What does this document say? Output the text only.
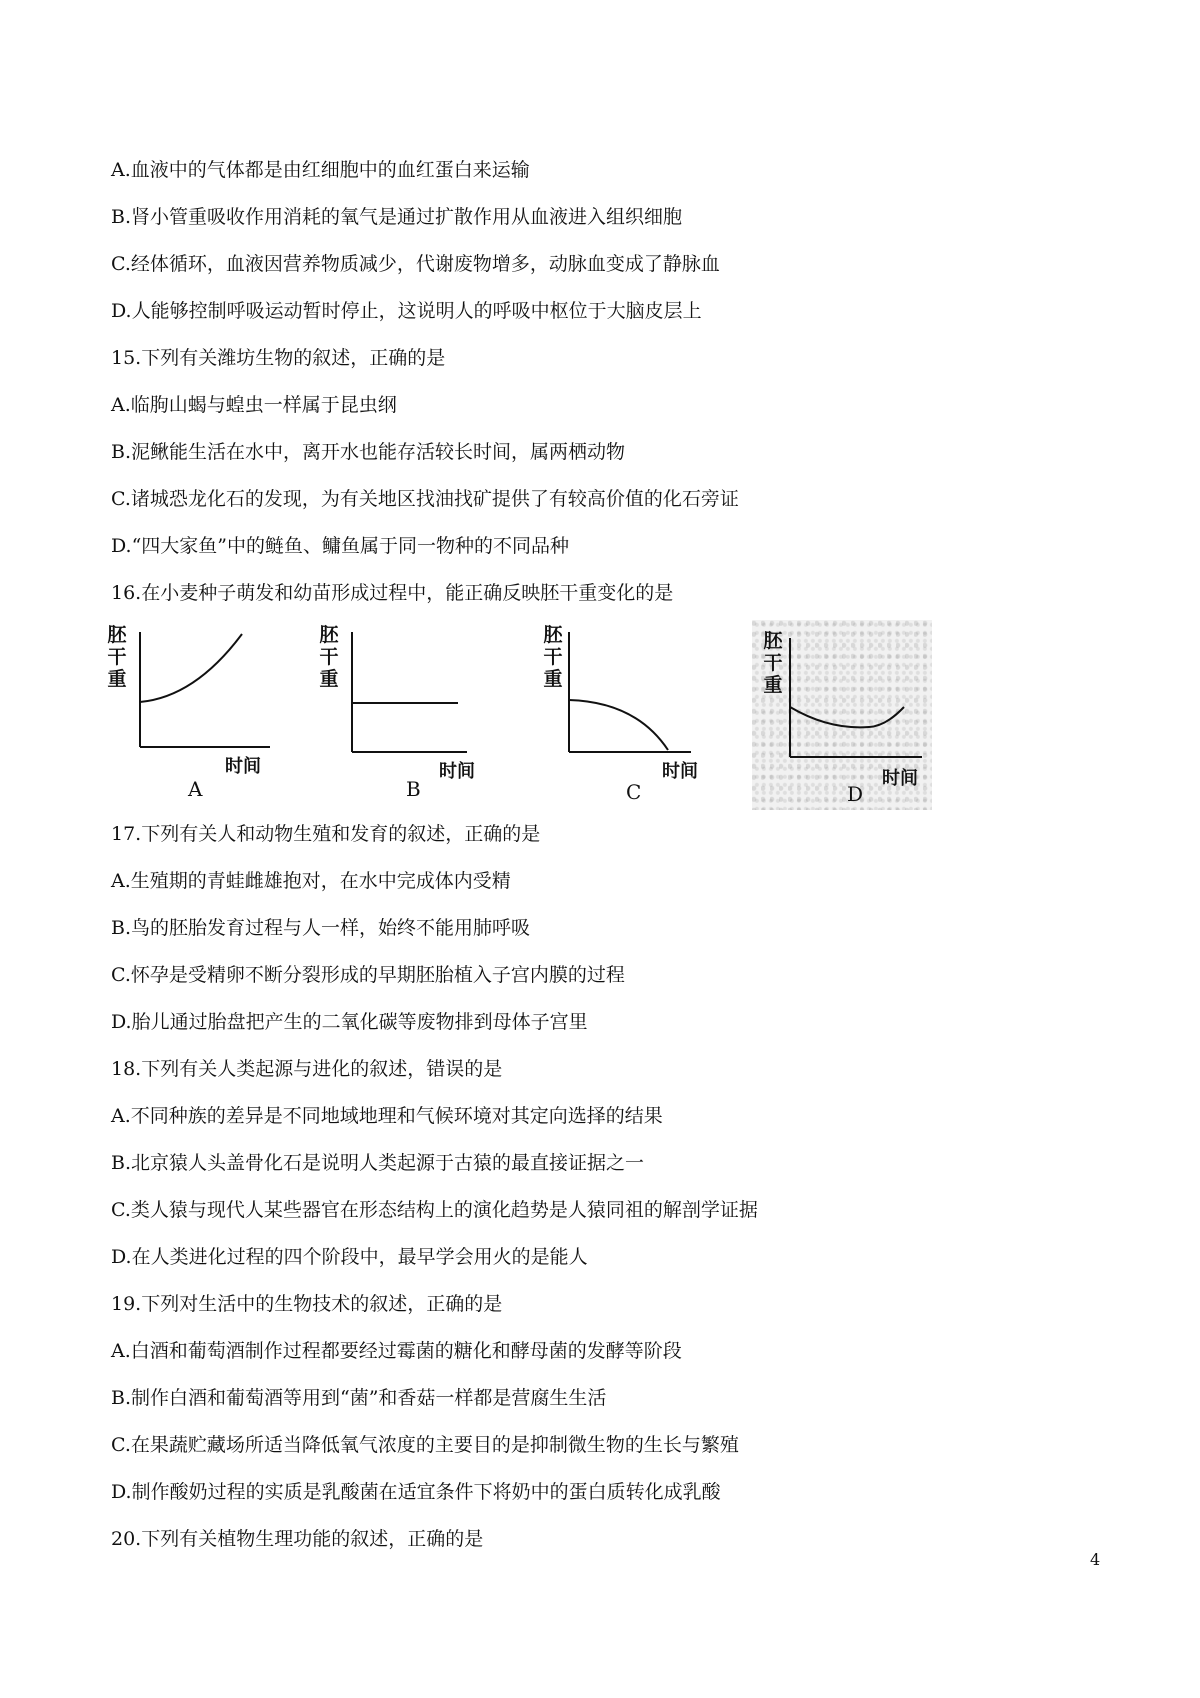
A.血液中的气体都是由红细胞中的血红蛋白来运输
B.肾小管重吸收作用消耗的氧气是通过扩散作用从血液进入组织细胞
C.经体循环，血液因营养物质减少，代谢废物增多，动脉血变成了静脉血
D.人能够控制呼吸运动暂时停止，这说明人的呼吸中枢位于大脑皮层上
15.下列有关潍坊生物的叙述，正确的是
A.临朐山蝎与蝗虫一样属于昆虫纲
B.泥鳅能生活在水中，离开水也能存活较长时间，属两栖动物
C.诸城恐龙化石的发现，为有关地区找油找矿提供了有较高价值的化石旁证
D.“四大家鱼”中的鲢鱼、鳙鱼属于同一物种的不同品种
16.在小麦种子萌发和幼苗形成过程中，能正确反映胚干重变化的是
胚干重
时间
A
胚干重
时间
B
胚干重
时间
C
胚干重
时间
D
17.下列有关人和动物生殖和发育的叙述，正确的是
A.生殖期的青蛙雌雄抱对，在水中完成体内受精
B.鸟的胚胎发育过程与人一样，始终不能用肺呼吸
C.怀孕是受精卵不断分裂形成的早期胚胎植入子宫内膜的过程
D.胎儿通过胎盘把产生的二氧化碳等废物排到母体子宫里
18.下列有关人类起源与进化的叙述，错误的是
A.不同种族的差异是不同地域地理和气候环境对其定向选择的结果
B.北京猿人头盖骨化石是说明人类起源于古猿的最直接证据之一
C.类人猿与现代人某些器官在形态结构上的演化趋势是人猿同祖的解剖学证据
D.在人类进化过程的四个阶段中，最早学会用火的是能人
19.下列对生活中的生物技术的叙述，正确的是
A.白酒和葡萄酒制作过程都要经过霉菌的糖化和酵母菌的发酵等阶段
B.制作白酒和葡萄酒等用到“菌”和香菇一样都是营腐生生活
C.在果蔬贮藏场所适当降低氧气浓度的主要目的是抑制微生物的生长与繁殖
D.制作酸奶过程的实质是乳酸菌在适宜条件下将奶中的蛋白质转化成乳酸
20.下列有关植物生理功能的叙述，正确的是
4
